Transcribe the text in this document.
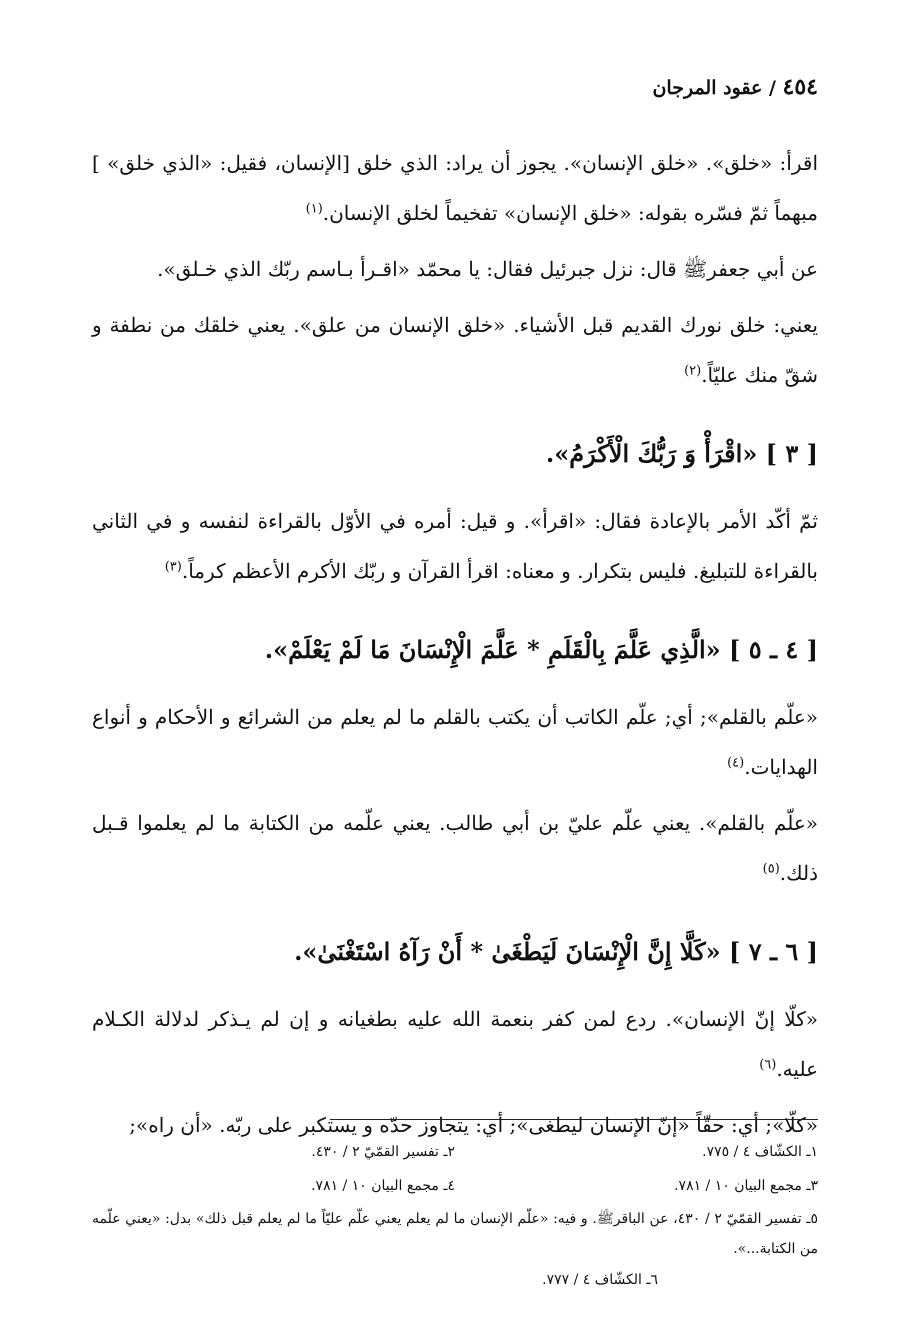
٤٥٤ / عقود المرجان

اقرأ: «خلق». «خلق الإنسان». يجوز أن يراد: الذي خلق [الإنسان، فقيل: «الذي خلق» ] مبهماً ثمّ فسّره بقوله: «خلق الإنسان» تفخيماً لخلق الإنسان.$^{(١)}$

عن أبي جعفرﷺ قال: نزل جبرئيل فقال: يا محمّد «اقـرأ بـاسم ربّك الذي خـلق».

يعني: خلق نورك القديم قبل الأشياء. «خلق الإنسان من علق». يعني خلقك من نطفة و شقّ منك عليّاً.$^{(٢)}$

[ ٣ ] «اقْرَأْ وَ رَبُّكَ الْأَكْرَمُ».

ثمّ أكّد الأمر بالإعادة فقال: «اقرأ». و قيل: أمره في الأوّل بالقراءة لنفسه و في الثاني بالقراءة للتبليغ. فليس بتكرار. و معناه: اقرأ القرآن و ربّك الأكرم الأعظم كرماً.$^{(٣)}$

[ ٤ ـ ٥ ] «الَّذِي عَلَّمَ بِالْقَلَمِ * عَلَّمَ الْإِنْسَانَ مَا لَمْ يَعْلَمْ».

«علّم بالقلم»; أي; علّم الكاتب أن يكتب بالقلم ما لم يعلم من الشرائع و الأحكام و أنواع الهدايات.$^{(٤)}$

«علّم بالقلم». يعني علّم عليّ بن أبي طالب. يعني علّمه من الكتابة ما لم يعلموا قـبل ذلك.$^{(٥)}$

[ ٦ ـ ٧ ] «كَلَّا إِنَّ الْإِنْسَانَ لَيَطْغَىٰ * أَنْ رَآهُ اسْتَغْنَىٰ».

«كلّا إنّ الإنسان». ردع لمن كفر بنعمة الله عليه بطغيانه و إن لم يـذكر لدلالة الكـلام عليه.$^{(٦)}$

«كلّا»; أي: حقّاً «إنّ الإنسان ليطغى»; أي: يتجاوز حدّه و يستكبر على ربّه. «أن راه»;

١ـ الكشّاف ٤ / ٧٧٥.
٢ـ تفسير القمّيّ ٢ / ٤٣٠.
٣ـ مجمع البيان ١٠ / ٧٨١.
٤ـ مجمع البيان ١٠ / ٧٨١.
٥ـ تفسير القمّيّ ٢ / ٤٣٠، عن الباقرﷺ. و فيه: «علّم الإنسان ما لم يعلم يعني علّم عليّاً ما لم يعلم قبل ذلك» بدل: «يعني علّمه من الكتابة...».
٦ـ الكشّاف ٤ / ٧٧٧.
